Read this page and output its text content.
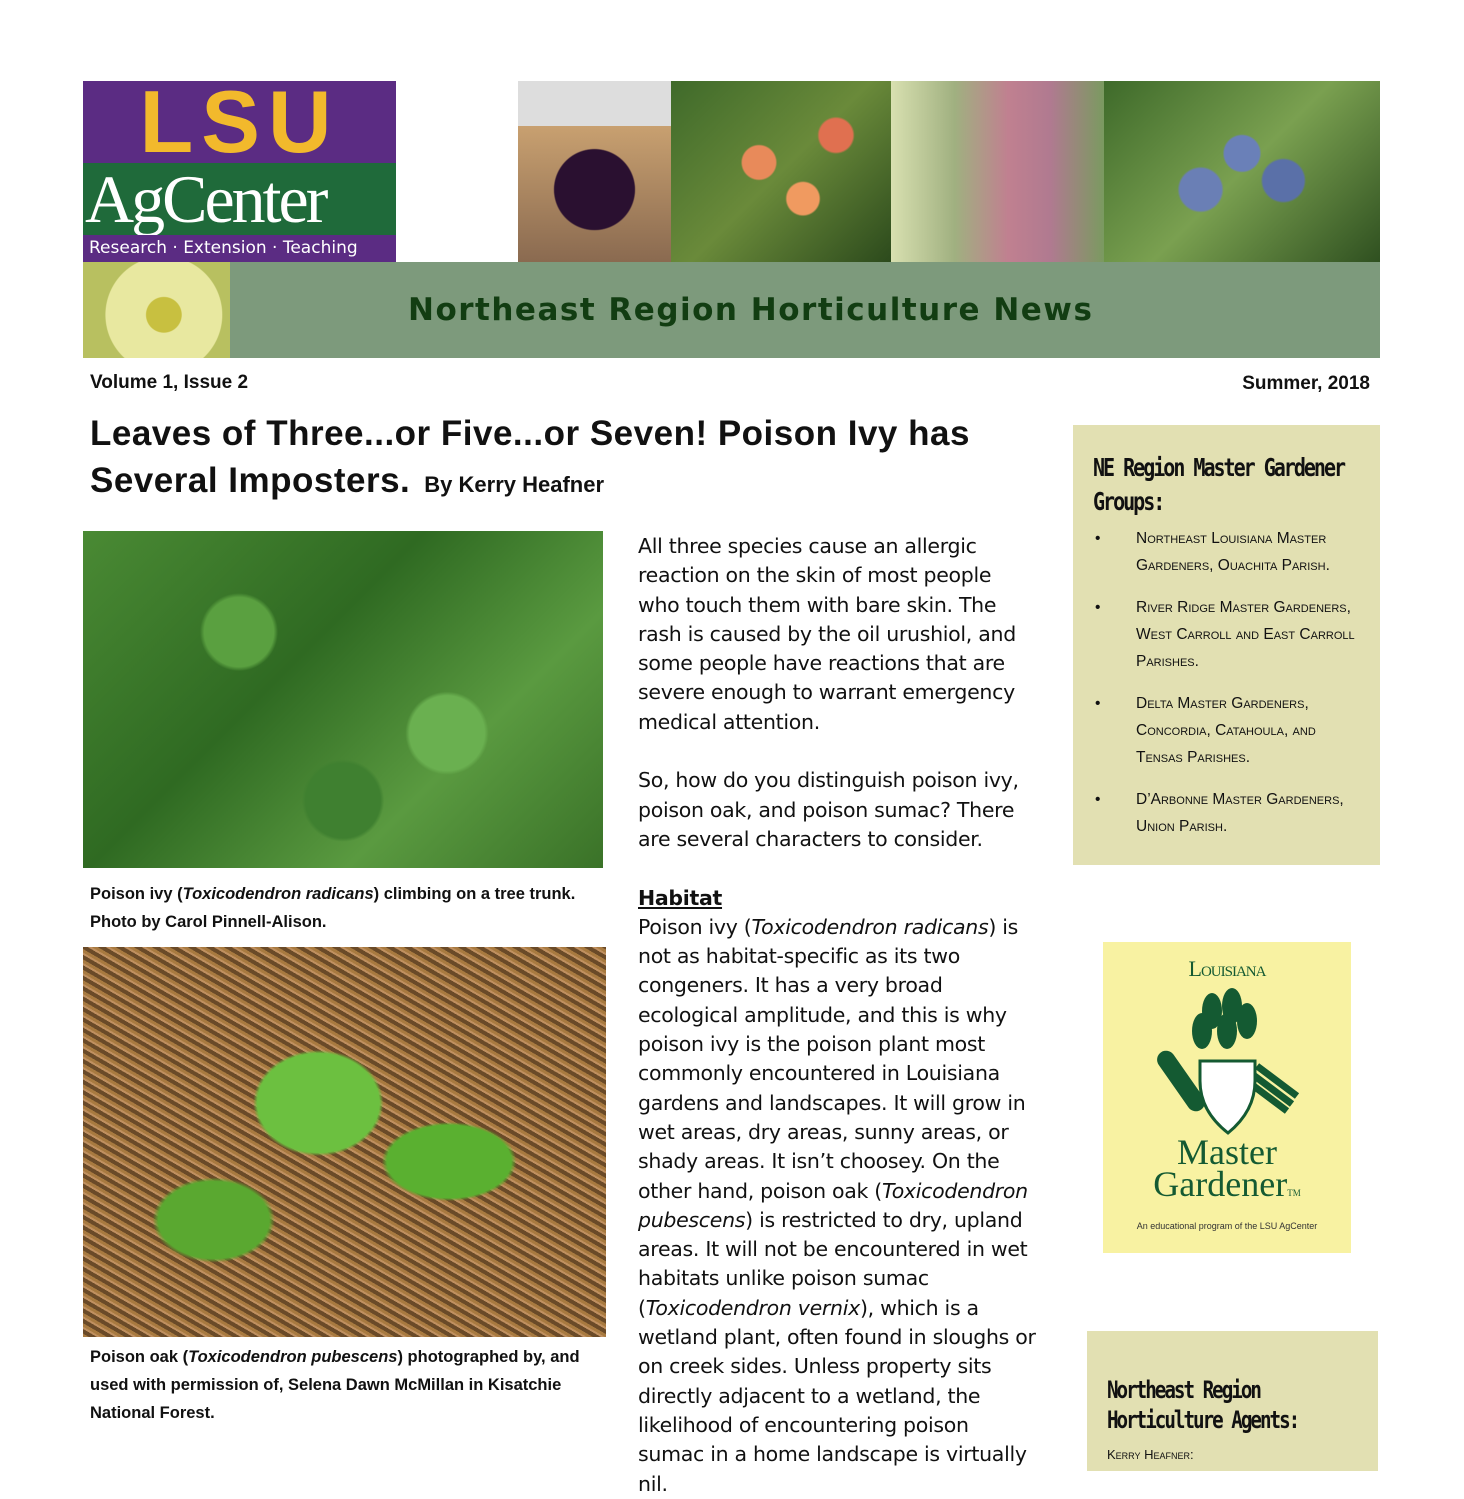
LSU
AgCenter
Research · Extension · Teaching
Northeast Region Horticulture News
Volume 1, Issue 2	Summer, 2018
Leaves of Three...or Five...or Seven! Poison Ivy has Several Imposters. By Kerry Heafner
Poison ivy (Toxicodendron radicans) climbing on a tree trunk. Photo by Carol Pinnell-Alison.
Poison oak (Toxicodendron pubescens) photographed by, and used with permission of, Selena Dawn McMillan in Kisatchie National Forest.

All three species cause an allergic reaction on the skin of most people who touch them with bare skin. The rash is caused by the oil urushiol, and some people have reactions that are severe enough to warrant emergency medical attention.

So, how do you distinguish poison ivy, poison oak, and poison sumac? There are several characters to consider.

Habitat
Poison ivy (Toxicodendron radicans) is not as habitat-specific as its two congeners. It has a very broad ecological amplitude, and this is why poison ivy is the poison plant most commonly encountered in Louisiana gardens and landscapes. It will grow in wet areas, dry areas, sunny areas, or shady areas. It isn’t choosey. On the other hand, poison oak (Toxicodendron pubescens) is restricted to dry, upland areas. It will not be encountered in wet habitats unlike poison sumac (Toxicodendron vernix), which is a wetland plant, often found in sloughs or on creek sides. Unless property sits directly adjacent to a wetland, the likelihood of encountering poison sumac in a home landscape is virtually nil.
NE Region Master Gardener Groups:
• Northeast Louisiana Master Gardeners, Ouachita Parish.
• River Ridge Master Gardeners, West Carroll and East Carroll Parishes.
• Delta Master Gardeners, Concordia, Catahoula, and Tensas Parishes.
• D’Arbonne Master Gardeners, Union Parish.
Louisiana
Master
GardenerTM
An educational program of the LSU AgCenter
Northeast Region Horticulture Agents:
Kerry Heafner:
